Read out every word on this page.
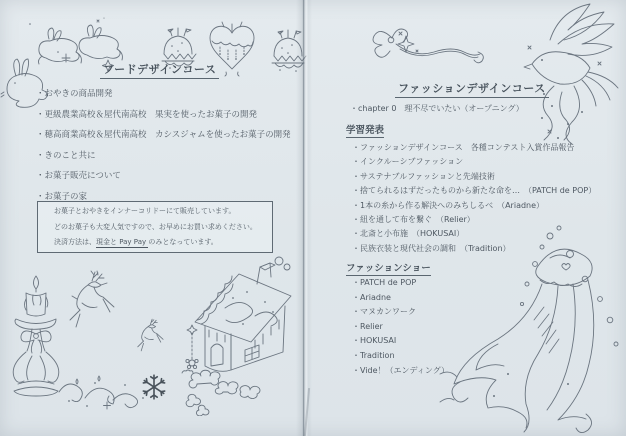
フードデザインコース
・おやきの商品開発
・更級農業高校＆屋代南高校　果実を使ったお菓子の開発
・穂高商業高校＆屋代南高校　カシスジャムを使ったお菓子の開発
・きのこと共に
・お菓子販売について
・お菓子の家
お菓子とおやきをインナーコリドーにて販売しています。
どのお菓子も大変人気ですので、お早めにお買い求めください。
決済方法は、現金と Pay Pay のみとなっています。
ファッションデザインコース
・chapter 0　理不尽でいたい（オープニング）
学習発表
・ファッションデザインコース　各種コンテスト入賞作品報告
・インクルーシブファッション
・サステナブルファッションと先端技術
・捨てられるはずだったものから新たな命を…　（PATCH de POP）
・1本の糸から作る解決へのみちしるべ　（Ariadne）
・紐を通して布を繋ぐ　（Relier）
・北斎と小布施　（HOKUSAI）
・民族衣装と現代社会の調和　（Tradition）
ファッションショー
・PATCH de POP
・Ariadne
・マヌカンワーク
・Relier
・HOKUSAI
・Tradition
・Vide！（エンディング）
